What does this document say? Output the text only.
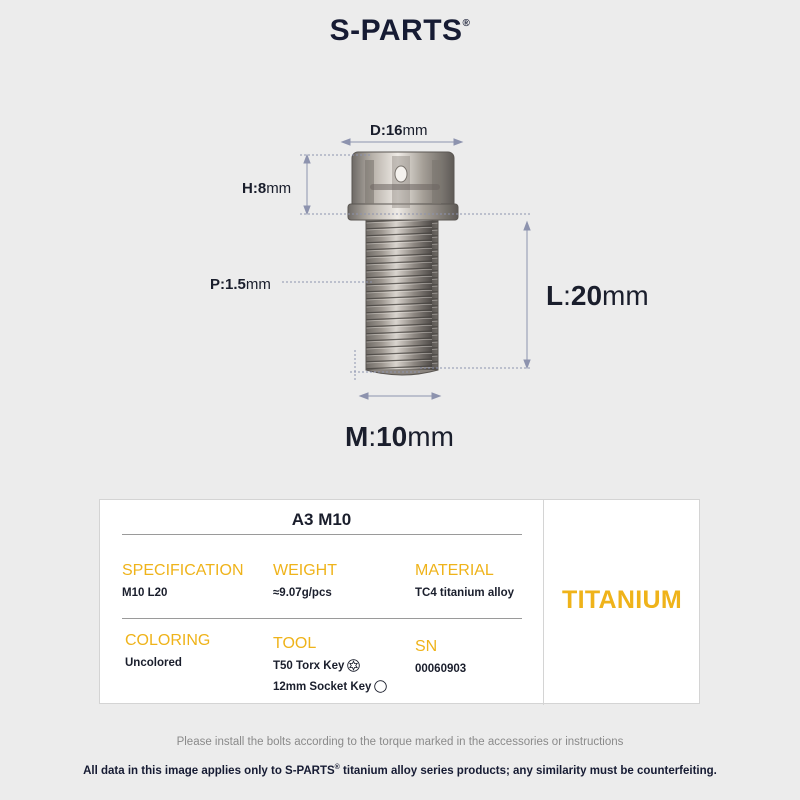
S-PARTS®
D:16mm
H:8mm
P:1.5mm	L:20mm
M:10mm
A3 M10
SPECIFICATION
M10 L20
WEIGHT
≈9.07g/pcs
MATERIAL
TC4 titanium alloy
COLORING
Uncolored
TOOL
T50 Torx Key
12mm Socket Key
SN
00060903
TITANIUM
Please install the bolts according to the torque marked in the accessories or instructions
All data in this image applies only to S-PARTS® titanium alloy series products; any similarity must be counterfeiting.
